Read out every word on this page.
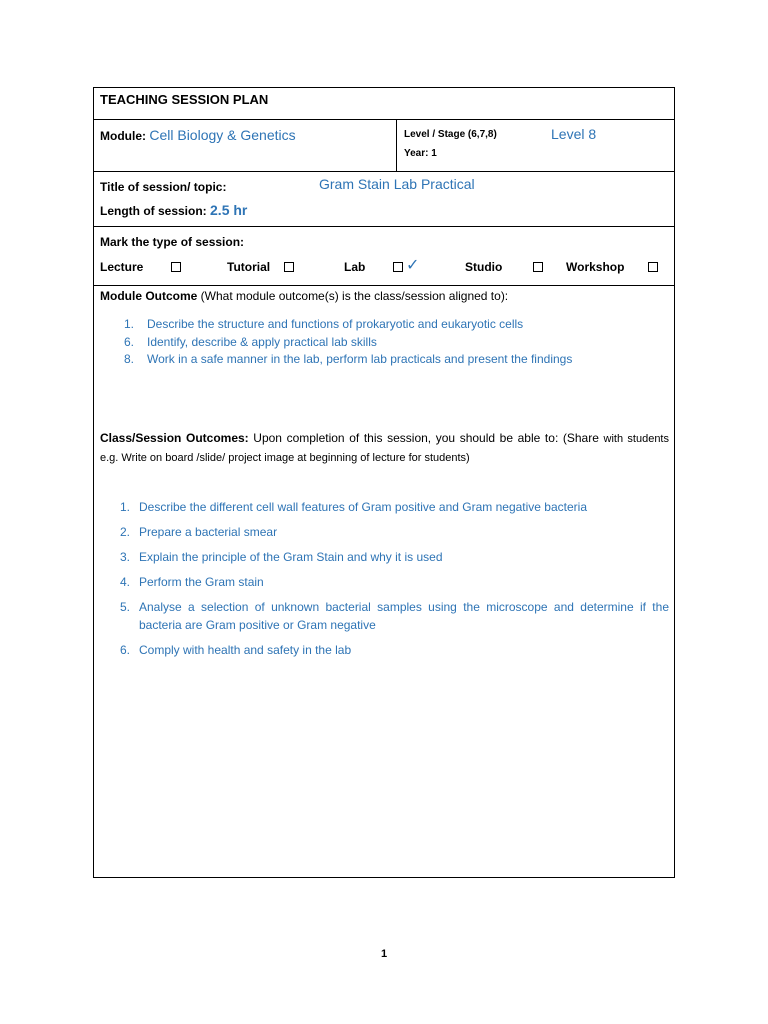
TEACHING SESSION PLAN
Module: Cell Biology & Genetics	Level / Stage (6,7,8)	Level 8
Year: 1
Title of session/ topic:	Gram Stain Lab Practical
Length of session: 2.5 hr
Mark the type of session:
Lecture	Tutorial	Lab	✓	Studio	Workshop
Module Outcome (What module outcome(s) is the class/session aligned to):
1. Describe the structure and functions of prokaryotic and eukaryotic cells
6. Identify, describe & apply practical lab skills
8. Work in a safe manner in the lab, perform lab practicals and present the findings
Class/Session Outcomes: Upon completion of this session, you should be able to: (Share with students e.g. Write on board /slide/ project image at beginning of lecture for students)
1. Describe the different cell wall features of Gram positive and Gram negative bacteria
2. Prepare a bacterial smear
3. Explain the principle of the Gram Stain and why it is used
4. Perform the Gram stain
5. Analyse a selection of unknown bacterial samples using the microscope and determine if the bacteria are Gram positive or Gram negative
6. Comply with health and safety in the lab
1
